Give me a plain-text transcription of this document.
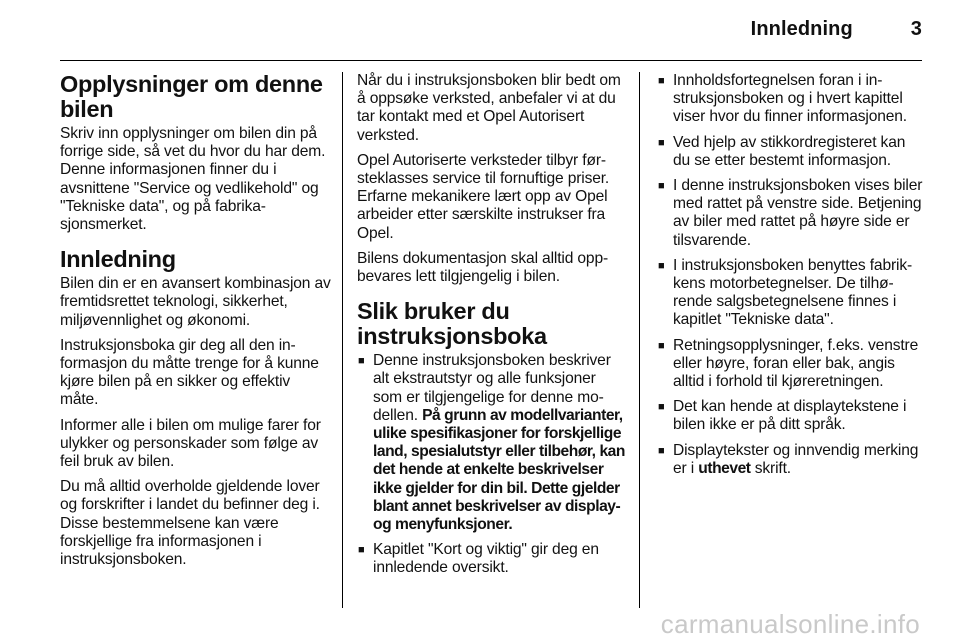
Innledning	3
Opplysninger om denne bilen

Skriv inn opplysninger om bilen din på forrige side, så vet du hvor du har dem. Denne informasjonen finner du i avsnittene "Service og vedlikehold" og "Tekniske data", og på fabrikasjonsmerket.

Innledning

Bilen din er en avansert kombinasjon av fremtidsrettet teknologi, sikkerhet, miljøvennlighet og økonomi.

Instruksjonsboka gir deg all den informasjon du måtte trenge for å kunne kjøre bilen på en sikker og effektiv måte.

Informer alle i bilen om mulige farer for ulykker og personskader som følge av feil bruk av bilen.

Du må alltid overholde gjeldende lover og forskrifter i landet du befinner deg i. Disse bestemmelsene kan være forskjellige fra informasjonen i instruksjonsboken.

Når du i instruksjonsboken blir bedt om å oppsøke verksted, anbefaler vi at du tar kontakt med et Opel Autorisert verksted.

Opel Autoriserte verksteder tilbyr førsteklasses service til fornuftige priser. Erfarne mekanikere lært opp av Opel arbeider etter særskilte instrukser fra Opel.

Bilens dokumentasjon skal alltid oppbevares lett tilgjengelig i bilen.

Slik bruker du instruksjonsboka
■ Denne instruksjonsboken beskriver alt ekstrautstyr og alle funksjoner som er tilgjengelige for denne modellen. På grunn av modellvarianter, ulike spesifikasjoner for forskjellige land, spesialutstyr eller tilbehør, kan det hende at enkelte beskrivelser ikke gjelder for din bil. Dette gjelder blant annet beskrivelser av display- og menyfunksjoner.
■ Kapitlet "Kort og viktig" gir deg en innledende oversikt.
■ Innholdsfortegnelsen foran i instruksjonsboken og i hvert kapittel viser hvor du finner informasjonen.
■ Ved hjelp av stikkordregisteret kan du se etter bestemt informasjon.
■ I denne instruksjonsboken vises biler med rattet på venstre side. Betjening av biler med rattet på høyre side er tilsvarende.
■ I instruksjonsboken benyttes fabrikkens motorbetegnelser. De tilhørende salgsbetegnelsene finnes i kapitlet "Tekniske data".
■ Retningsopplysninger, f.eks. venstre eller høyre, foran eller bak, angis alltid i forhold til kjøreretningen.
■ Det kan hende at displaytekstene i bilen ikke er på ditt språk.
■ Displaytekster og innvendig merking er i uthevet skrift.
carmanualsonline.info
